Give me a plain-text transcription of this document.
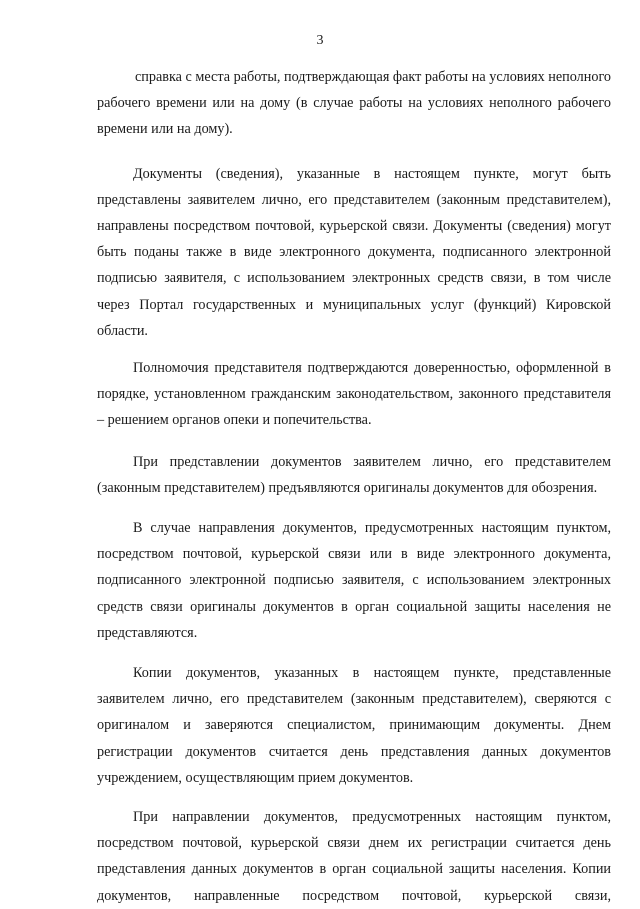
3

справка с места работы, подтверждающая факт работы на условиях неполного рабочего времени или на дому (в случае работы на условиях неполного рабочего времени или на дому).

Документы (сведения), указанные в настоящем пункте, могут быть представлены заявителем лично, его представителем (законным представителем), направлены посредством почтовой, курьерской связи. Документы (сведения) могут быть поданы также в виде электронного документа, подписанного электронной подписью заявителя, с использованием электронных средств связи, в том числе через Портал государственных и муниципальных услуг (функций) Кировской области.

Полномочия представителя подтверждаются доверенностью, оформленной в порядке, установленном гражданским законодательством, законного представителя – решением органов опеки и попечительства.

При представлении документов заявителем лично, его представителем (законным представителем) предъявляются оригиналы документов для обозрения.

В случае направления документов, предусмотренных настоящим пунктом, посредством почтовой, курьерской связи или в виде электронного документа, подписанного электронной подписью заявителя, с использованием электронных средств связи оригиналы документов в орган социальной защиты населения не представляются.

Копии документов, указанных в настоящем пункте, представленные заявителем лично, его представителем (законным представителем), сверяются с оригиналом и заверяются специалистом, принимающим документы. Днем регистрации документов считается день представления данных документов учреждением, осуществляющим прием документов.

При направлении документов, предусмотренных настоящим пунктом, посредством почтовой, курьерской связи днем их регистрации считается день представления данных документов в орган социальной защиты населения. Копии документов, направленные посредством почтовой, курьерской связи,
